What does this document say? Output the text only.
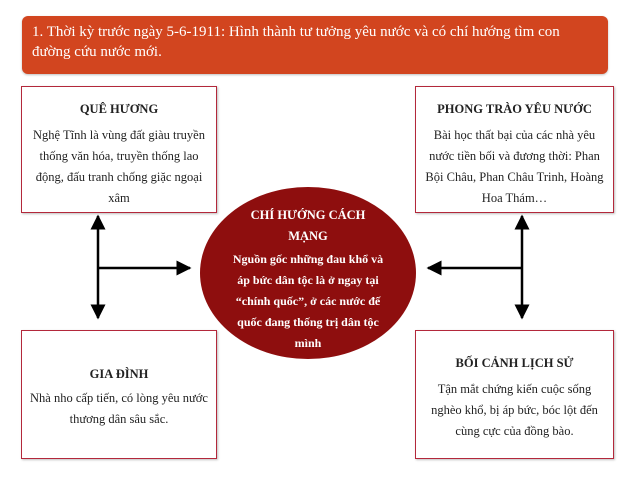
1. Thời kỳ trước ngày 5-6-1911: Hình thành tư tưởng yêu nước và có chí hướng tìm con đường cứu nước mới.
QUÊ HƯƠNG
Nghệ Tĩnh là vùng đất giàu truyền thống văn hóa, truyền thống lao động, đấu tranh chống giặc ngoại xâm
PHONG TRÀO YÊU NƯỚC
Bài học thất bại của các nhà yêu nước tiền bối và đương thời: Phan Bội Châu, Phan Châu Trinh, Hoàng Hoa Thám…
GIA ĐÌNH
Nhà nho cấp tiến, có lòng yêu nước thương dân sâu sắc.
BỐI CẢNH LỊCH SỬ
Tận mắt chứng kiến cuộc sống nghèo khổ, bị áp bức, bóc lột đến cùng cực của đồng bào.
CHÍ HƯỚNG CÁCH MẠNG
Nguồn gốc những đau khổ và áp bức dân tộc là ở ngay tại “chính quốc”, ở các nước đế quốc đang thống trị dân tộc mình
